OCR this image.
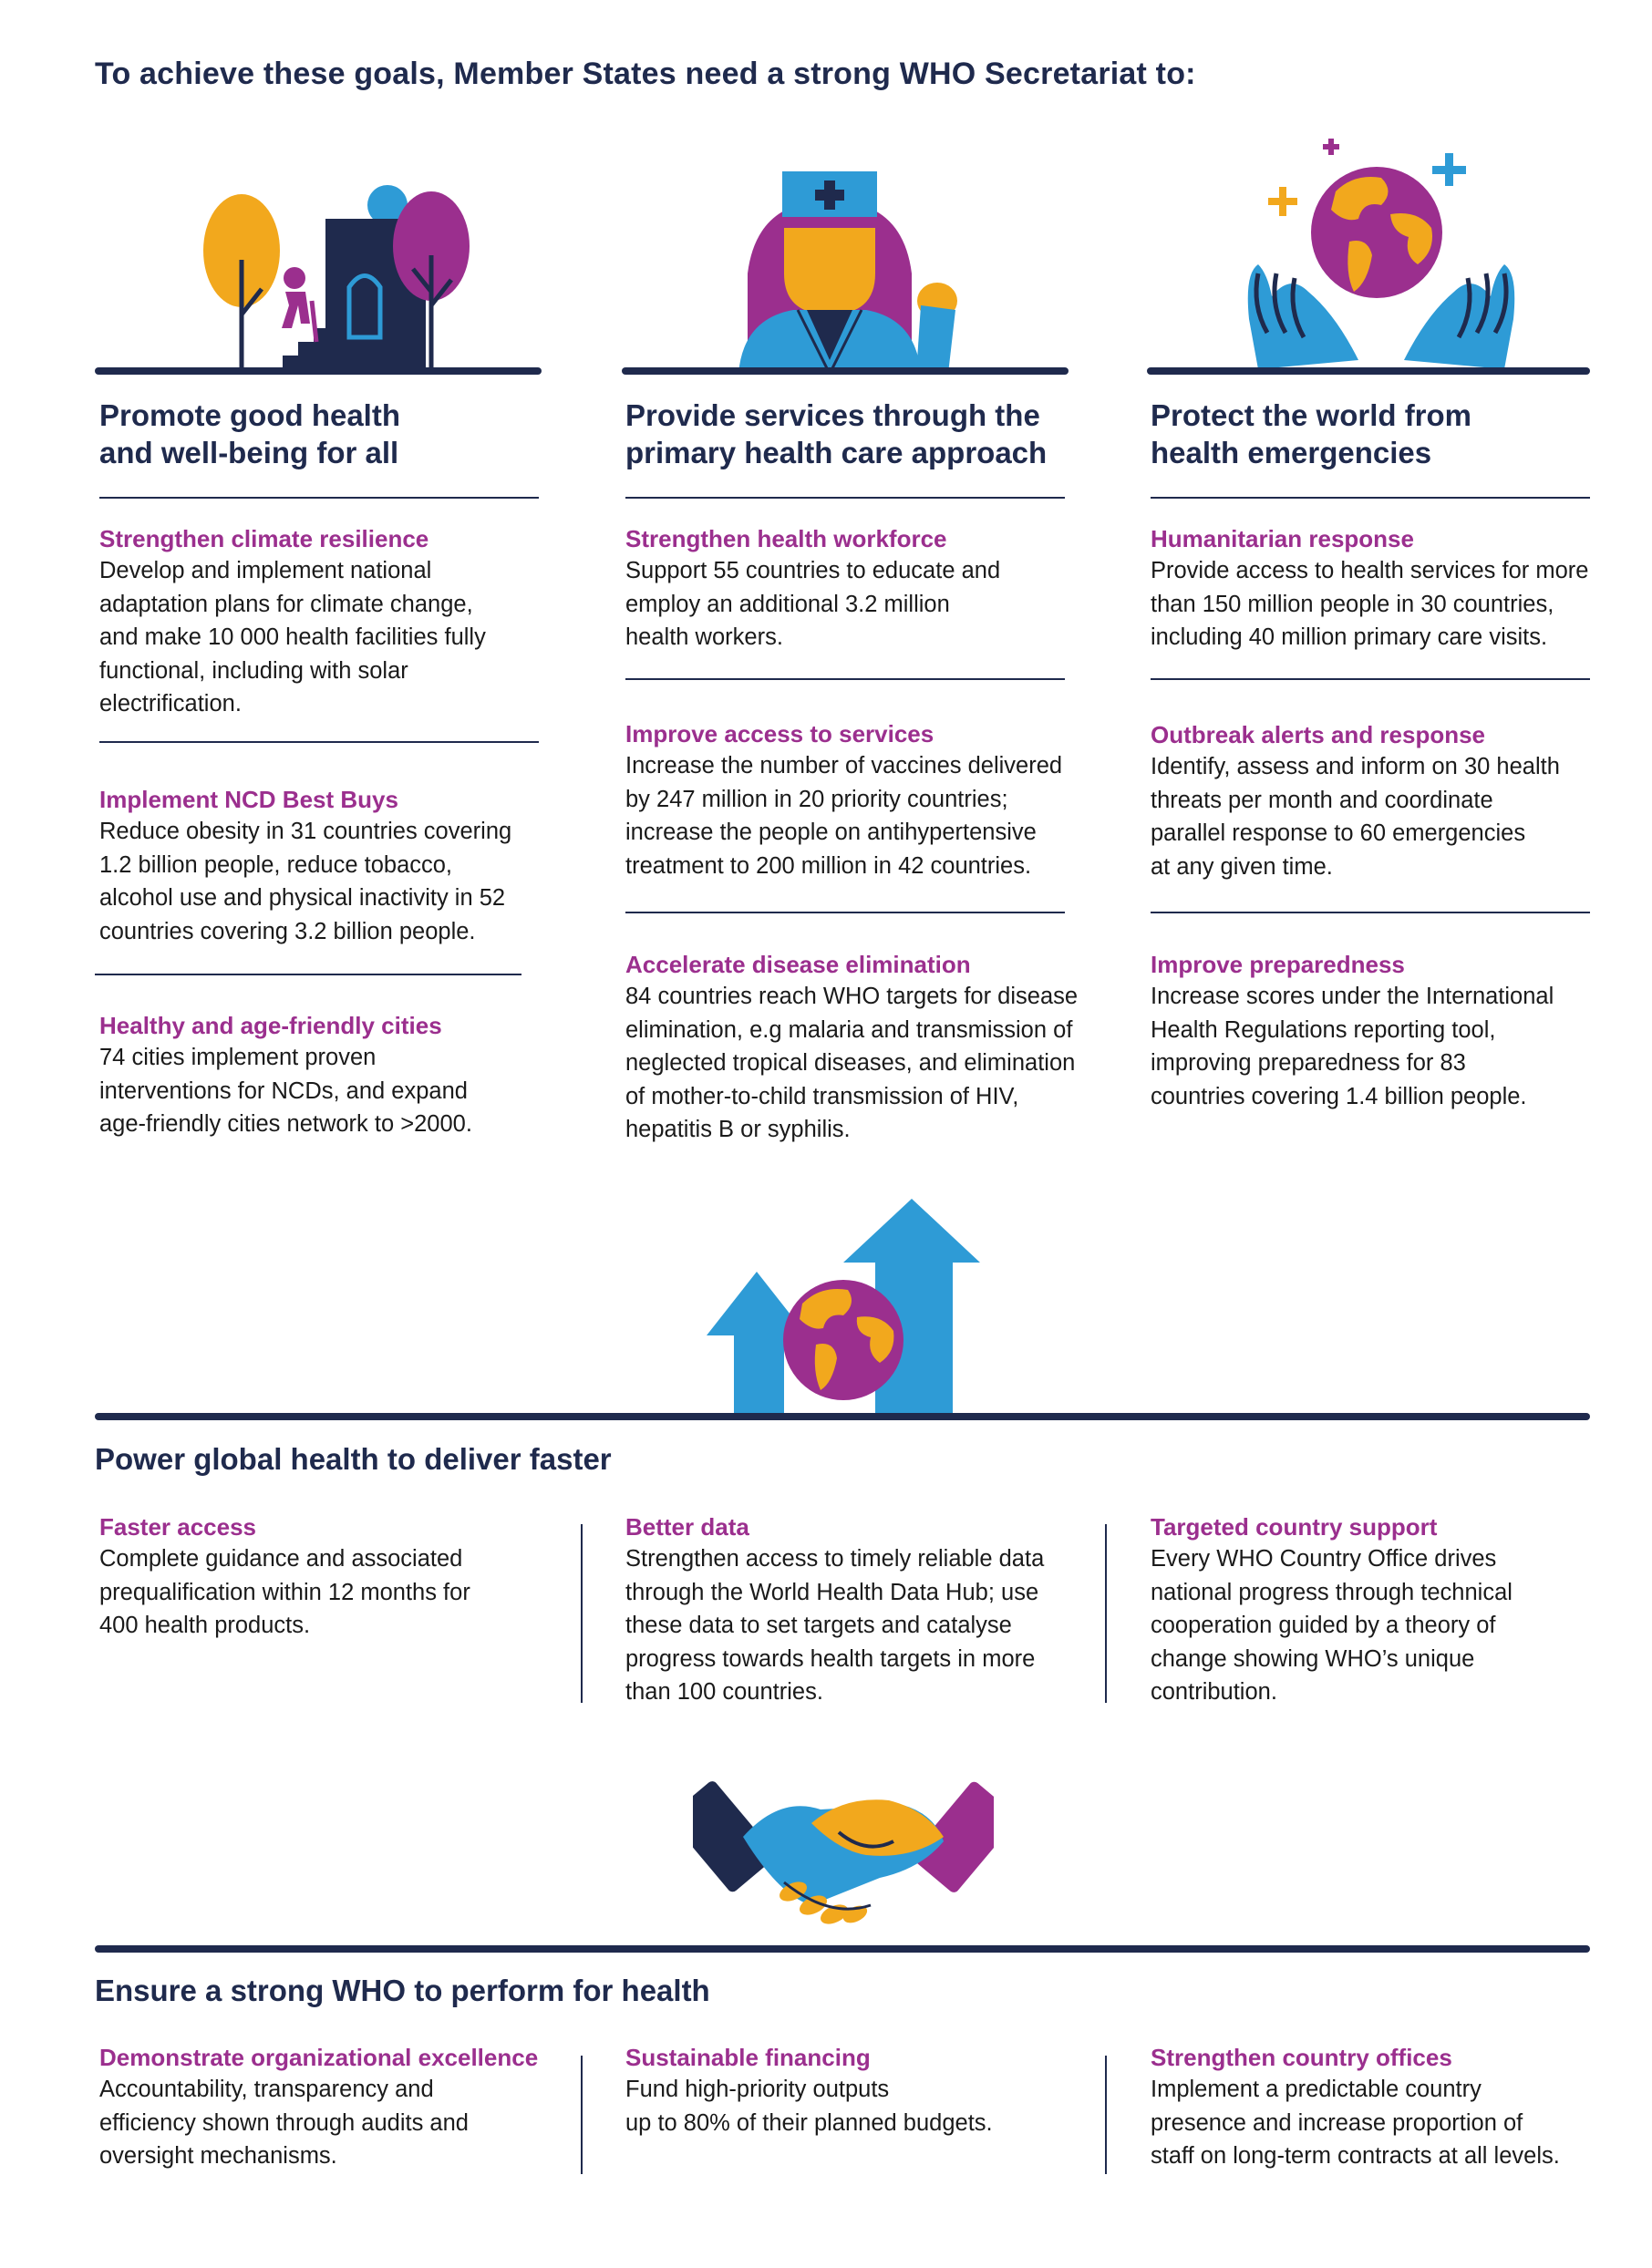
To achieve these goals, Member States need a strong WHO Secretariat to:
Promote good health
and well-being for all
Provide services through the
primary health care approach
Protect the world from
health emergencies
Strengthen climate resilience
Develop and implement national
adaptation plans for climate change,
and make 10 000 health facilities fully
functional, including with solar
electrification.
Implement NCD Best Buys
Reduce obesity in 31 countries covering
1.2 billion people, reduce tobacco,
alcohol use and physical inactivity in 52
countries covering 3.2 billion people.
Healthy and age-friendly cities
74 cities implement proven
interventions for NCDs, and expand
age-friendly cities network to >2000.
Strengthen health workforce
Support 55 countries to educate and
employ an additional 3.2 million
health workers.
Improve access to services
Increase the number of vaccines delivered
by 247 million in 20 priority countries;
increase the people on antihypertensive
treatment to 200 million in 42 countries.
Accelerate disease elimination
84 countries reach WHO targets for disease
elimination, e.g malaria and transmission of
neglected tropical diseases, and elimination
of mother-to-child transmission of HIV,
hepatitis B or syphilis.
Humanitarian response
Provide access to health services for more
than 150 million people in 30 countries,
including 40 million primary care visits.
Outbreak alerts and response
Identify, assess and inform on 30 health
threats per month and coordinate
parallel response to 60 emergencies
at any given time.
Improve preparedness
Increase scores under the International
Health Regulations reporting tool,
improving preparedness for 83
countries covering 1.4 billion people.
Power global health to deliver faster
Faster access
Complete guidance and associated
prequalification within 12 months for
400 health products.
Better data
Strengthen access to timely reliable data
through the World Health Data Hub; use
these data to set targets and catalyse
progress towards health targets in more
than 100 countries.
Targeted country support
Every WHO Country Office drives
national progress through technical
cooperation guided by a theory of
change showing WHO’s unique
contribution.
Ensure a strong WHO to perform for health
Demonstrate organizational excellence
Accountability, transparency and
efficiency shown through audits and
oversight mechanisms.
Sustainable financing
Fund high-priority outputs
up to 80% of their planned budgets.
Strengthen country offices
Implement a predictable country
presence and increase proportion of
staff on long-term contracts at all levels.
